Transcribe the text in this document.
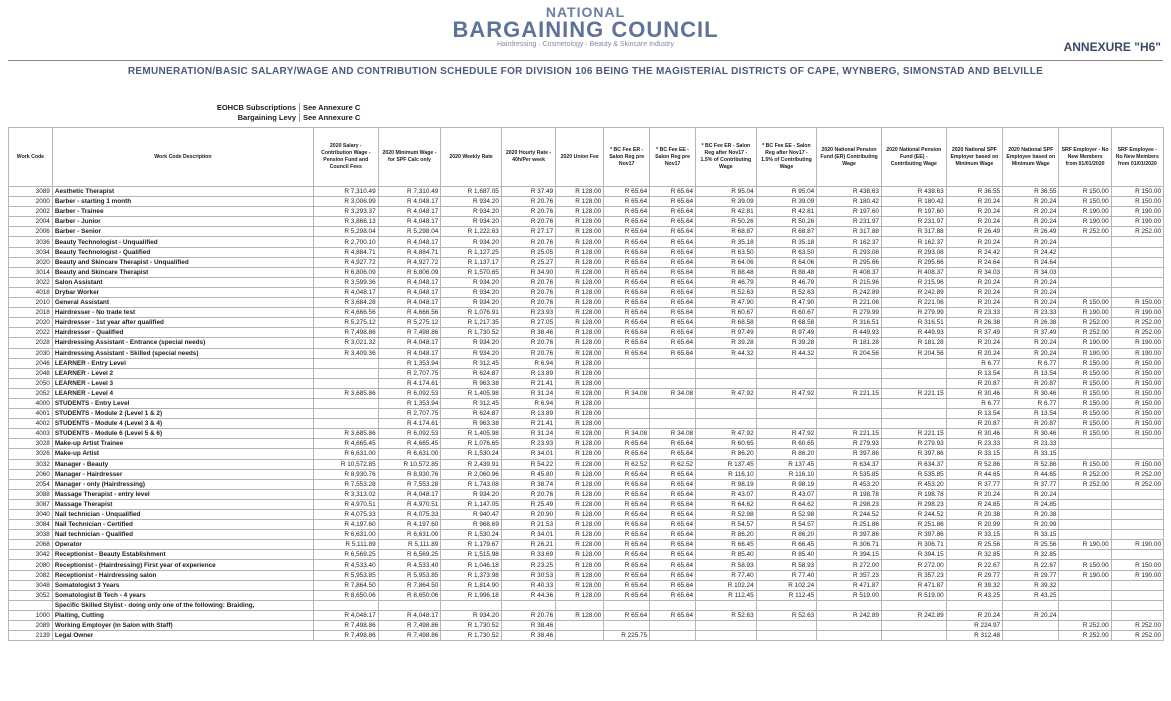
NATIONAL
BARGAINING COUNCIL
Hairdressing · Cosmetology · Beauty & Skincare Industry	ANNEXURE "H6"
REMUNERATION/BASIC SALARY/WAGE AND CONTRIBUTION SCHEDULE FOR DIVISION 106 BEING THE MAGISTERIAL DISTRICTS OF CAPE, WYNBERG, SIMONSTAD AND BELVILLE
EOHCB Subscriptions See Annexure C
Bargaining Levy See Annexure C
Work Code	Work Code Description	2020 Salary - Contribution Wage - Pension Fund and Council Fees	2020 Minimum Wage - for SPF Calc only	2020 Weekly Rate	2020 Hourly Rate - 40h/Per week	2020 Union Fee	* BC Fee ER - Salon Reg pre Nov17	* BC Fee EE - Salon Reg pre Nov17	* BC Fee ER - Salon Reg after Nov17 - 1.5% of Contributing Wage	* BC Fee EE - Salon Reg after Nov17 - 1.5% of Contributing Wage	2020 National Pension Fund (ER) Contributing Wage	2020 National Pension Fund (EE) - Contributing Wage	2020 National SPF Employer based on Minimum Wage	2020 National SPF Employee based on Minimum Wage	SRF Employer - No New Members from 01/01/2020	SRF Employee - No New Members from 01/01/2020
3089	Aesthetic Therapist	R 7,310.49	R 7,310.49	R 1,687.05	R 37.49	R 128.00	R 65.64	R 65.64	R 95.04	R 95.04	R 438.63	R 438.63	R 36.55	R 36.55	R 150.00	R 150.00
2000	Barber - starting 1 month	R 3,006.99	R 4,048.17	R 934.20	R 20.76	R 128.00	R 65.64	R 65.64	R 39.09	R 39.09	R 180.42	R 180.42	R 20.24	R 20.24	R 150.00	R 150.00
2002	Barber - Trainee	R 3,293.37	R 4,048.17	R 934.20	R 20.76	R 128.00	R 65.64	R 65.64	R 42.81	R 42.81	R 197.60	R 197.60	R 20.24	R 20.24	R 190.00	R 190.00
2004	Barber - Junior	R 3,866.13	R 4,048.17	R 934.20	R 20.76	R 128.00	R 65.64	R 65.64	R 50.26	R 50.26	R 231.97	R 231.97	R 20.24	R 20.24	R 190.00	R 190.00
2006	Barber - Senior	R 5,298.04	R 5,298.04	R 1,222.63	R 27.17	R 128.00	R 65.64	R 65.64	R 68.87	R 68.87	R 317.88	R 317.88	R 26.49	R 26.49	R 252.00	R 252.00
3036	Beauty Technologist - Unqualified	R 2,700.10	R 4,048.17	R 934.20	R 20.76	R 128.00	R 65.64	R 65.64	R 35.18	R 35.18	R 162.37	R 162.37	R 20.24	R 20.24		
3034	Beauty Technologist - Qualified	R 4,884.71	R 4,884.71	R 1,127.25	R 25.05	R 128.00	R 65.64	R 65.64	R 63.50	R 63.50	R 293.08	R 293.08	R 24.42	R 24.42		
3020	Beauty and Skincare Therapist - Unqualified	R 4,927.72	R 4,927.72	R 1,137.17	R 25.27	R 128.00	R 65.64	R 65.64	R 64.06	R 64.06	R 295.66	R 295.66	R 24.64	R 24.64		
3014	Beauty and Skincare Therapist	R 6,806.09	R 6,806.09	R 1,570.65	R 34.90	R 128.00	R 65.64	R 65.64	R 88.48	R 88.48	R 408.37	R 408.37	R 34.03	R 34.03		
3022	Salon Assistant	R 3,599.36	R 4,048.17	R 934.20	R 20.76	R 128.00	R 65.64	R 65.64	R 46.79	R 46.79	R 215.96	R 215.96	R 20.24	R 20.24		
4018	Drybar Worker	R 4,048.17	R 4,048.17	R 934.20	R 20.76	R 128.00	R 65.64	R 65.64	R 52.63	R 52.63	R 242.89	R 242.89	R 20.24	R 20.24		
2010	General Assistant	R 3,684.28	R 4,048.17	R 934.20	R 20.76	R 128.00	R 65.64	R 65.64	R 47.90	R 47.90	R 221.06	R 221.06	R 20.24	R 20.24	R 150.00	R 150.00
2018	Hairdresser - No trade test	R 4,666.56	R 4,666.56	R 1,076.91	R 23.93	R 128.00	R 65.64	R 65.64	R 60.67	R 60.67	R 279.99	R 279.99	R 23.33	R 23.33	R 190.00	R 190.00
2020	Hairdresser - 1st year after qualified	R 5,275.12	R 5,275.12	R 1,217.35	R 27.05	R 128.00	R 65.64	R 65.64	R 68.58	R 68.58	R 316.51	R 316.51	R 26.38	R 26.38	R 252.00	R 252.00
2022	Hairdresser - Qualified	R 7,498.86	R 7,498.86	R 1,730.52	R 38.46	R 128.00	R 65.64	R 65.64	R 97.49	R 97.49	R 449.93	R 449.93	R 37.49	R 37.49	R 252.00	R 252.00
2028	Hairdressing Assistant - Entrance (special needs)	R 3,021.32	R 4,048.17	R 934.20	R 20.76	R 128.00	R 65.64	R 65.64	R 39.28	R 39.28	R 181.28	R 181.28	R 20.24	R 20.24	R 190.00	R 190.00
2030	Hairdressing Assistant - Skilled (special needs)	R 3,409.36	R 4,048.17	R 934.20	R 20.76	R 128.00	R 65.64	R 65.64	R 44.32	R 44.32	R 204.56	R 204.56	R 20.24	R 20.24	R 190.00	R 190.00
2046	LEARNER - Entry Level		R 1,353.94	R 312.45	R 6.94	R 128.00							R 6.77	R 6.77	R 150.00	R 150.00
2048	LEARNER - Level 2		R 2,707.75	R 624.87	R 13.89	R 128.00							R 13.54	R 13.54	R 150.00	R 150.00
2050	LEARNER - Level 3		R 4,174.61	R 963.38	R 21.41	R 128.00							R 20.87	R 20.87	R 150.00	R 150.00
2052	LEARNER - Level 4	R 3,685.86	R 6,092.53	R 1,405.98	R 31.24	R 128.00	R 34.08	R 34.08	R 47.92	R 47.92	R 221.15	R 221.15	R 30.46	R 30.46	R 150.00	R 150.00
4000	STUDENTS - Entry Level		R 1,353.94	R 312.45	R 6.94	R 128.00							R 6.77	R 6.77	R 150.00	R 150.00
4001	STUDENTS - Module 2 (Level 1 & 2)		R 2,707.75	R 624.87	R 13.89	R 128.00							R 13.54	R 13.54	R 150.00	R 150.00
4002	STUDENTS - Module 4 (Level 3 & 4)		R 4,174.61	R 963.38	R 21.41	R 128.00							R 20.87	R 20.87	R 150.00	R 150.00
4003	STUDENTS - Module 6 (Level 5 & 6)	R 3,685.86	R 6,092.53	R 1,405.98	R 31.24	R 128.00	R 34.08	R 34.08	R 47.92	R 47.92	R 221.15	R 221.15	R 30.46	R 30.46	R 150.00	R 150.00
3028	Make-up Artist Trainee	R 4,665.45	R 4,665.45	R 1,076.65	R 23.93	R 128.00	R 65.64	R 65.64	R 60.65	R 60.65	R 279.93	R 279.93	R 23.33	R 23.33		
3026	Make-up Artist	R 6,631.00	R 6,631.00	R 1,530.24	R 34.01	R 128.00	R 65.64	R 65.64	R 86.20	R 86.20	R 397.86	R 397.86	R 33.15	R 33.15		
3032	Manager - Beauty	R 10,572.85	R 10,572.85	R 2,439.91	R 54.22	R 128.00	R 62.52	R 62.52	R 137.45	R 137.45	R 634.37	R 634.37	R 52.86	R 52.86	R 150.00	R 150.00
2060	Manager - Hairdresser	R 8,930.76	R 8,930.76	R 2,060.96	R 45.80	R 128.00	R 65.64	R 65.64	R 116.10	R 116.10	R 535.85	R 535.85	R 44.65	R 44.65	R 252.00	R 252.00
2054	Manager - only (Hairdressing)	R 7,553.28	R 7,553.28	R 1,743.08	R 38.74	R 128.00	R 65.64	R 65.64	R 98.19	R 98.19	R 453.20	R 453.20	R 37.77	R 37.77	R 252.00	R 252.00
3088	Massage Therapist - entry level	R 3,313.02	R 4,048.17	R 934.20	R 20.76	R 128.00	R 65.64	R 65.64	R 43.07	R 43.07	R 198.78	R 198.78	R 20.24	R 20.24		
3087	Massage Therapist	R 4,970.51	R 4,970.51	R 1,147.05	R 25.49	R 128.00	R 65.64	R 65.64	R 64.62	R 64.62	R 298.23	R 298.23	R 24.85	R 24.85		
3040	Nail technician - Unqualified	R 4,075.33	R 4,075.33	R 940.47	R 20.90	R 128.00	R 65.64	R 65.64	R 52.98	R 52.98	R 244.52	R 244.52	R 20.38	R 20.38		
3084	Nail Technician - Certified	R 4,197.60	R 4,197.60	R 968.69	R 21.53	R 128.00	R 65.64	R 65.64	R 54.57	R 54.57	R 251.86	R 251.86	R 20.99	R 20.99		
3038	Nail technician - Qualified	R 6,631.00	R 6,631.00	R 1,530.24	R 34.01	R 128.00	R 65.64	R 65.64	R 86.20	R 86.20	R 397.86	R 397.86	R 33.15	R 33.15		
2068	Operator	R 5,111.89	R 5,111.89	R 1,179.67	R 26.21	R 128.00	R 65.64	R 65.64	R 66.45	R 66.45	R 306.71	R 306.71	R 25.56	R 25.56	R 190.00	R 190.00
3042	Receptionist - Beauty Establishment	R 6,569.25	R 6,569.25	R 1,515.98	R 33.69	R 128.00	R 65.64	R 65.64	R 85.40	R 85.40	R 394.15	R 394.15	R 32.85	R 32.85		
2080	Receptionist - (Hairdressing) First year of experience	R 4,533.40	R 4,533.40	R 1,046.18	R 23.25	R 128.00	R 65.64	R 65.64	R 58.93	R 58.93	R 272.00	R 272.00	R 22.67	R 22.67	R 150.00	R 150.00
2082	Receptionist - Hairdressing salon	R 5,953.85	R 5,953.85	R 1,373.98	R 30.53	R 128.00	R 65.64	R 65.64	R 77.40	R 77.40	R 357.23	R 357.23	R 29.77	R 29.77	R 190.00	R 190.00
3048	Somatologist 3 Years	R 7,864.50	R 7,864.50	R 1,814.90	R 40.33	R 128.00	R 65.64	R 65.64	R 102.24	R 102.24	R 471.87	R 471.87	R 39.32	R 39.32		
3052	Somatologist B Tech - 4 years	R 8,650.06	R 8,650.06	R 1,996.18	R 44.36	R 128.00	R 65.64	R 65.64	R 112.45	R 112.45	R 519.00	R 519.00	R 43.25	R 43.25		
	Specific Skilled Stylist - doing only one of the following: Braiding,															
1000	Plaiting, Cutting	R 4,048.17	R 4,048.17	R 934.20	R 20.76	R 128.00	R 65.64	R 65.64	R 52.63	R 52.63	R 242.89	R 242.89	R 20.24	R 20.24		
2089	Working Employer (in Salon with Staff)	R 7,498.86	R 7,498.86	R 1,730.52	R 38.46								R 224.97		R 252.00	R 252.00
2139	Legal Owner	R 7,498.86	R 7,498.86	R 1,730.52	R 38.46		R 225.75						R 312.48		R 252.00	R 252.00
